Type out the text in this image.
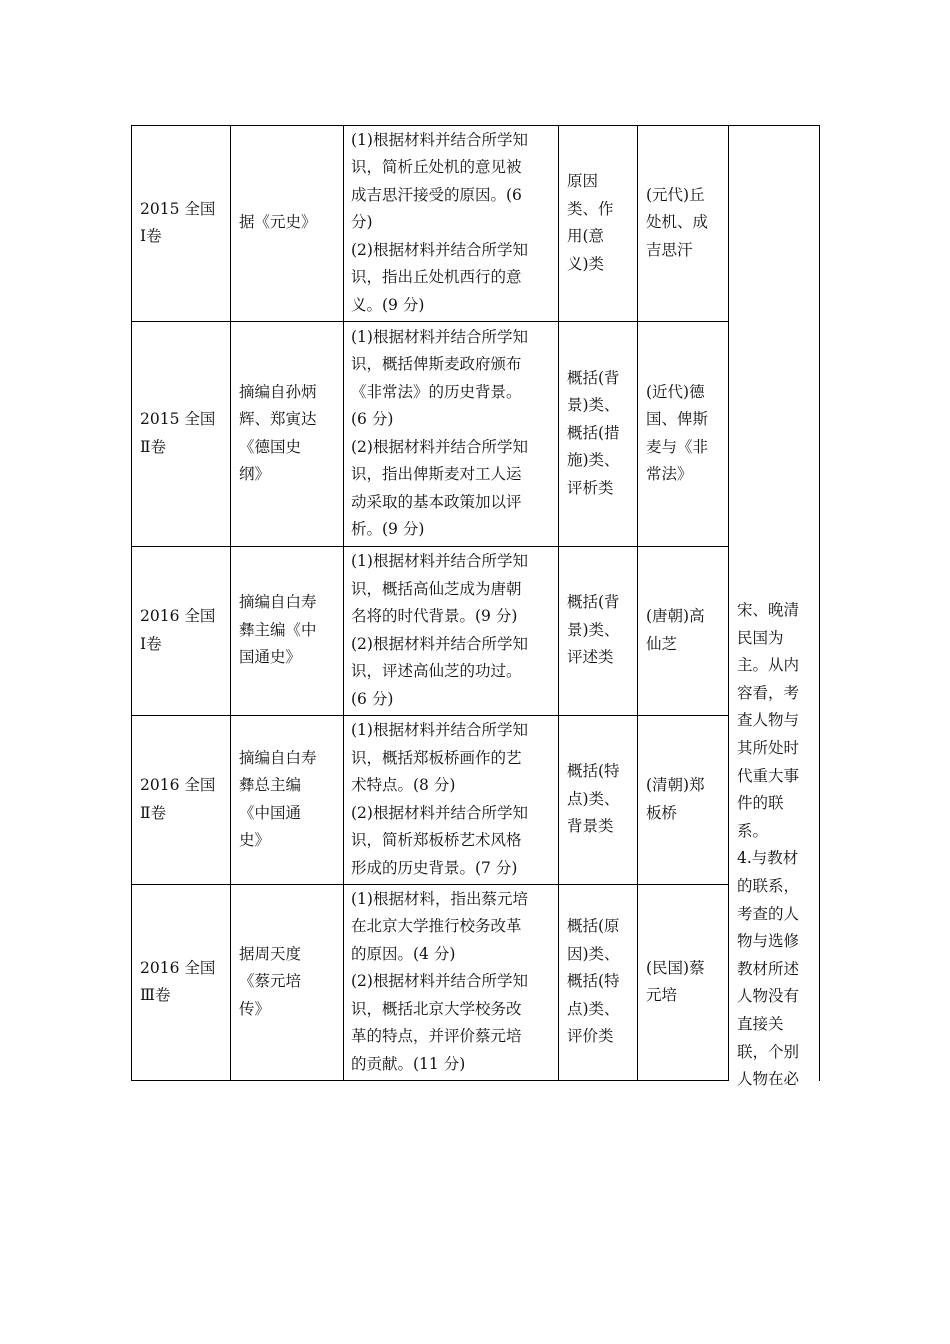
2015 全国

Ⅰ卷

据《元史》

(1)根据材料并结合所学知

识，简析丘处机的意见被

成吉思汗接受的原因。(6

分)

(2)根据材料并结合所学知

识，指出丘处机西行的意

义。(9 分)

原因

类、作

用(意

义)类

(元代)丘

处机、成

吉思汗

2015 全国

Ⅱ卷

摘编自孙炳

辉、郑寅达

《德国史

纲》

(1)根据材料并结合所学知

识，概括俾斯麦政府颁布

《非常法》的历史背景。

(6 分)

(2)根据材料并结合所学知

识，指出俾斯麦对工人运

动采取的基本政策加以评

析。(9 分)

概括(背

景)类、

概括(措

施)类、

评析类

(近代)德

国、俾斯

麦与《非

常法》

2016 全国

Ⅰ卷

摘编自白寿

彝主编《中

国通史》

(1)根据材料并结合所学知

识，概括高仙芝成为唐朝

名将的时代背景。(9 分)

(2)根据材料并结合所学知

识，评述高仙芝的功过。

(6 分)

概括(背

景)类、

评述类

(唐朝)高

仙芝

2016 全国

Ⅱ卷

摘编自白寿

彝总主编

《中国通

史》

(1)根据材料并结合所学知

识，概括郑板桥画作的艺

术特点。(8 分)

(2)根据材料并结合所学知

识，简析郑板桥艺术风格

形成的历史背景。(7 分)

概括(特

点)类、

背景类

(清朝)郑

板桥

2016 全国

Ⅲ卷

据周天度

《蔡元培

传》

(1)根据材料，指出蔡元培

在北京大学推行校务改革

的原因。(4 分)

(2)根据材料并结合所学知

识，概括北京大学校务改

革的特点，并评价蔡元培

的贡献。(11 分)

概括(原

因)类、

概括(特

点)类、

评价类

(民国)蔡

元培

宋、晚清

民国为

主。从内

容看，考

查人物与

其所处时

代重大事

件的联

系。

4.与教材

的联系，

考查的人

物与选修

教材所述

人物没有

直接关

联，个别

人物在必
